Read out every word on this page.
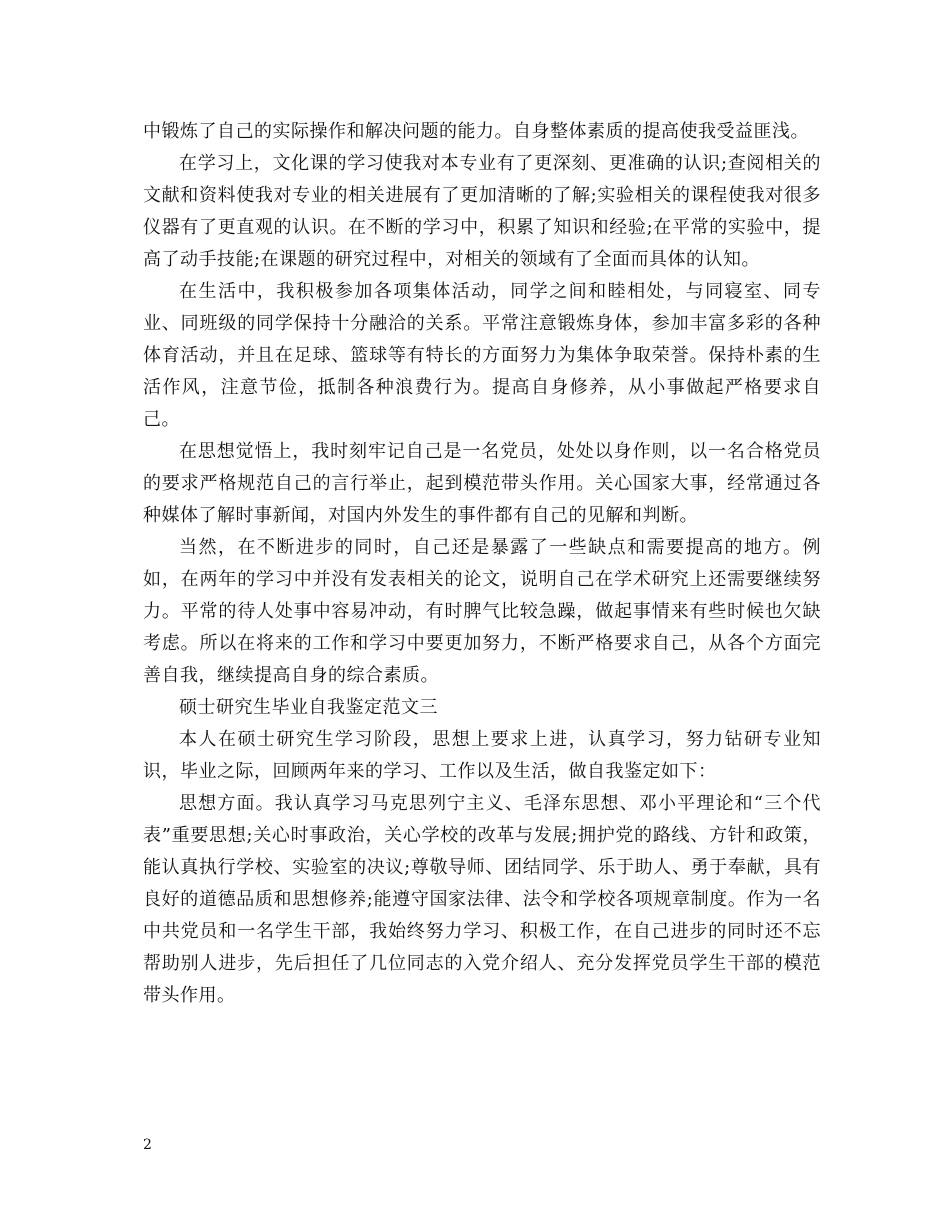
中锻炼了自己的实际操作和解决问题的能力。自身整体素质的提高使我受益匪浅。

在学习上，文化课的学习使我对本专业有了更深刻、更准确的认识;查阅相关的文献和资料使我对专业的相关进展有了更加清晰的了解;实验相关的课程使我对很多仪器有了更直观的认识。在不断的学习中，积累了知识和经验;在平常的实验中，提高了动手技能;在课题的研究过程中，对相关的领域有了全面而具体的认知。

在生活中，我积极参加各项集体活动，同学之间和睦相处，与同寝室、同专业、同班级的同学保持十分融洽的关系。平常注意锻炼身体，参加丰富多彩的各种体育活动，并且在足球、篮球等有特长的方面努力为集体争取荣誉。保持朴素的生活作风，注意节俭，抵制各种浪费行为。提高自身修养，从小事做起严格要求自己。

在思想觉悟上，我时刻牢记自己是一名党员，处处以身作则，以一名合格党员的要求严格规范自己的言行举止，起到模范带头作用。关心国家大事，经常通过各种媒体了解时事新闻，对国内外发生的事件都有自己的见解和判断。

当然，在不断进步的同时，自己还是暴露了一些缺点和需要提高的地方。例如，在两年的学习中并没有发表相关的论文，说明自己在学术研究上还需要继续努力。平常的待人处事中容易冲动，有时脾气比较急躁，做起事情来有些时候也欠缺考虑。所以在将来的工作和学习中要更加努力，不断严格要求自己，从各个方面完善自我，继续提高自身的综合素质。

硕士研究生毕业自我鉴定范文三

本人在硕士研究生学习阶段，思想上要求上进，认真学习，努力钻研专业知识，毕业之际，回顾两年来的学习、工作以及生活，做自我鉴定如下：

思想方面。我认真学习马克思列宁主义、毛泽东思想、邓小平理论和“三个代表”重要思想;关心时事政治，关心学校的改革与发展;拥护党的路线、方针和政策，能认真执行学校、实验室的决议;尊敬导师、团结同学、乐于助人、勇于奉献，具有良好的道德品质和思想修养;能遵守国家法律、法令和学校各项规章制度。作为一名中共党员和一名学生干部，我始终努力学习、积极工作，在自己进步的同时还不忘帮助别人进步，先后担任了几位同志的入党介绍人、充分发挥党员学生干部的模范带头作用。

2
